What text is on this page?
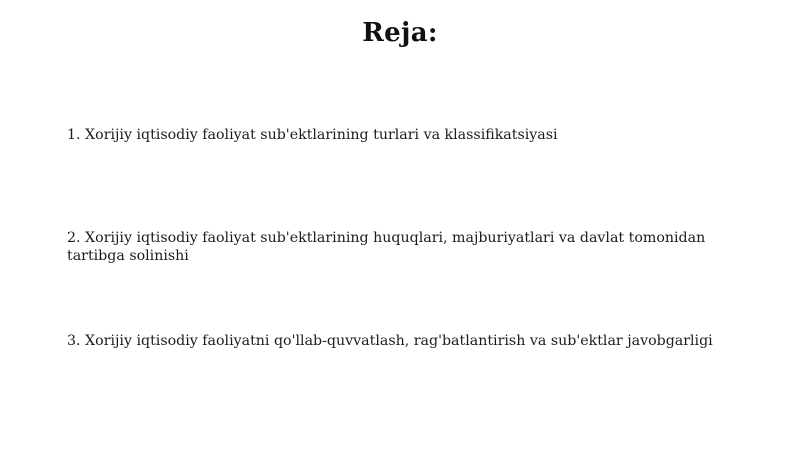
Reja:
1. Xorijiy iqtisodiy faoliyat sub'ektlarining turlari va klassifikatsiyasi
2. Xorijiy iqtisodiy faoliyat sub'ektlarining huquqlari, majburiyatlari va davlat tomonidan tartibga solinishi
3. Xorijiy iqtisodiy faoliyatni qo'llab-quvvatlash, rag'batlantirish va sub'ektlar javobgarligi
